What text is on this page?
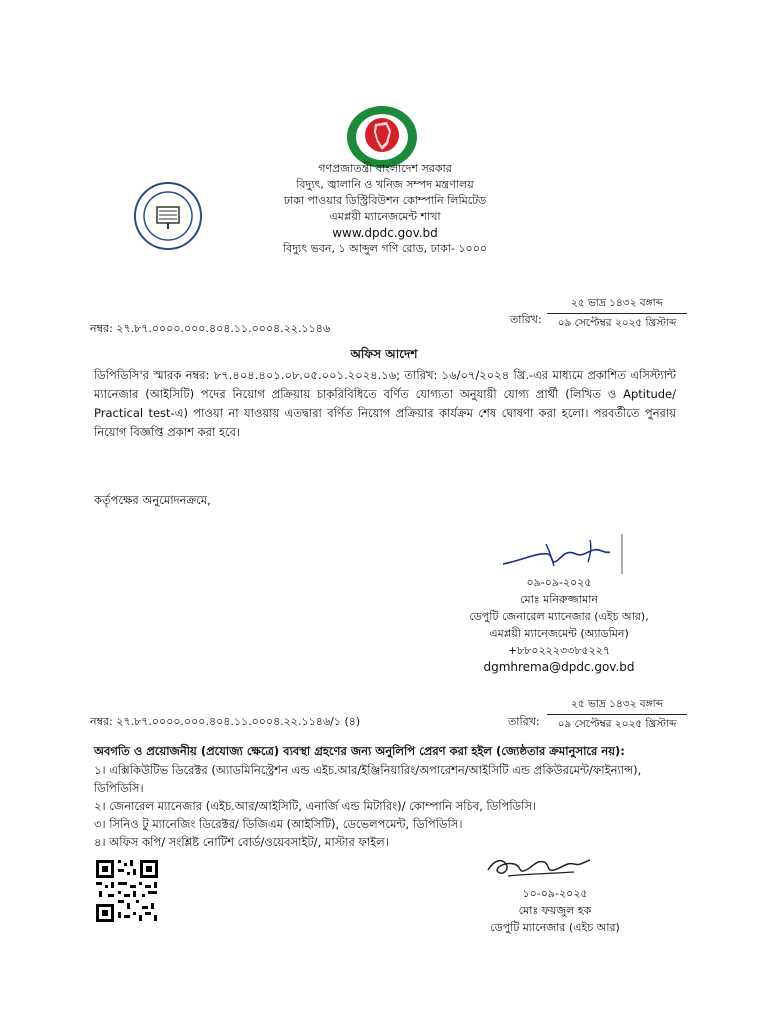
গণপ্রজাতন্ত্রী বাংলাদেশ সরকার
বিদ্যুৎ, জ্বালানি ও খনিজ সম্পদ মন্ত্রণালয়
ঢাকা পাওয়ার ডিস্ট্রিবিউশন কোম্পানি লিমিটেড
এমপ্লয়ী ম্যানেজমেন্ট শাখা
www.dpdc.gov.bd
বিদ্যুৎ ভবন, ১ আব্দুল গণি রোড, ঢাকা- ১০০০
নম্বর: ২৭.৮৭.০০০০.০০০.৪০৪.১১.০০০৪.২২.১১৪৬
তারিখ:
২৫ ভাদ্র ১৪৩২ বঙ্গাব্দ
০৯ সেপ্টেম্বর ২০২৫ খ্রিস্টাব্দ
অফিস আদেশ
ডিপিডিসি'র স্মারক নম্বর: ৮৭.৪০৪.৪০১.০৮.০৫.০০১.২০২৪.১৬; তারিখ: ১৬/০৭/২০২৪ খ্রি.-এর মাধ্যমে প্রকাশিত এসিস্ট্যান্ট ম্যানেজার (আইসিটি) পদের নিয়োগ প্রক্রিয়ায় চাকরিবিধিতে বর্ণিত যোগ্যতা অনুযায়ী যোগ্য প্রার্থী (লিখিত ও Aptitude/ Practical test-এ) পাওয়া না যাওয়ায় এতদ্বারা বর্ণিত নিয়োগ প্রক্রিয়ার কার্যক্রম শেষ ঘোষণা করা হলো। পরবর্তীতে পুনরায় নিয়োগ বিজ্ঞপ্তি প্রকাশ করা হবে।
কর্তৃপক্ষের অনুমোদনক্রমে,
০৯-০৯-২০২৫
মোঃ মনিরুজ্জামান
ডেপুটি জেনারেল ম্যানেজার (এইচ আর),
এমপ্লয়ী ম্যানেজমেন্ট (অ্যাডমিন)
+৮৮০২২২৩৩৮৫২২৭
dgmhrema@dpdc.gov.bd
নম্বর: ২৭.৮৭.০০০০.০০০.৪০৪.১১.০০০৪.২২.১১৪৬/১ (৪)	তারিখ:
২৫ ভাদ্র ১৪৩২ বঙ্গাব্দ
০৯ সেপ্টেম্বর ২০২৫ খ্রিস্টাব্দ
অবগতি ও প্রয়োজনীয় (প্রযোজ্য ক্ষেত্রে) ব্যবস্থা গ্রহণের জন্য অনুলিপি প্রেরণ করা হইল (জ্যেষ্ঠতার ক্রমানুসারে নয়):
১। এক্সিকিউটিভ ডিরেক্টর (অ্যাডমিনিস্ট্রেশন এন্ড এইচ.আর/ইঞ্জিনিয়ারিং/অপারেশন/আইসিটি এন্ড প্রকিউরমেন্ট/ফাইন্যান্স),
ডিপিডিসি।
২। জেনারেল ম্যানেজার (এইচ.আর/আইসিটি, এনার্জি এন্ড মিটারিং)/ কোম্পানি সচিব, ডিপিডিসি।
৩। সিনিও টু ম্যানেজিং ডিরেক্টর/ ডিজিএম (আইসিটি), ডেভেলপমেন্ট, ডিপিডিসি।
৪। অফিস কপি/ সংশ্লিষ্ট নোটিশ বোর্ড/ওয়েবসাইট/, মাস্টার ফাইল।
১০-০৯-২০২৫
মোঃ ফয়জুল হক
ডেপুটি ম্যানেজার (এইচ আর)
